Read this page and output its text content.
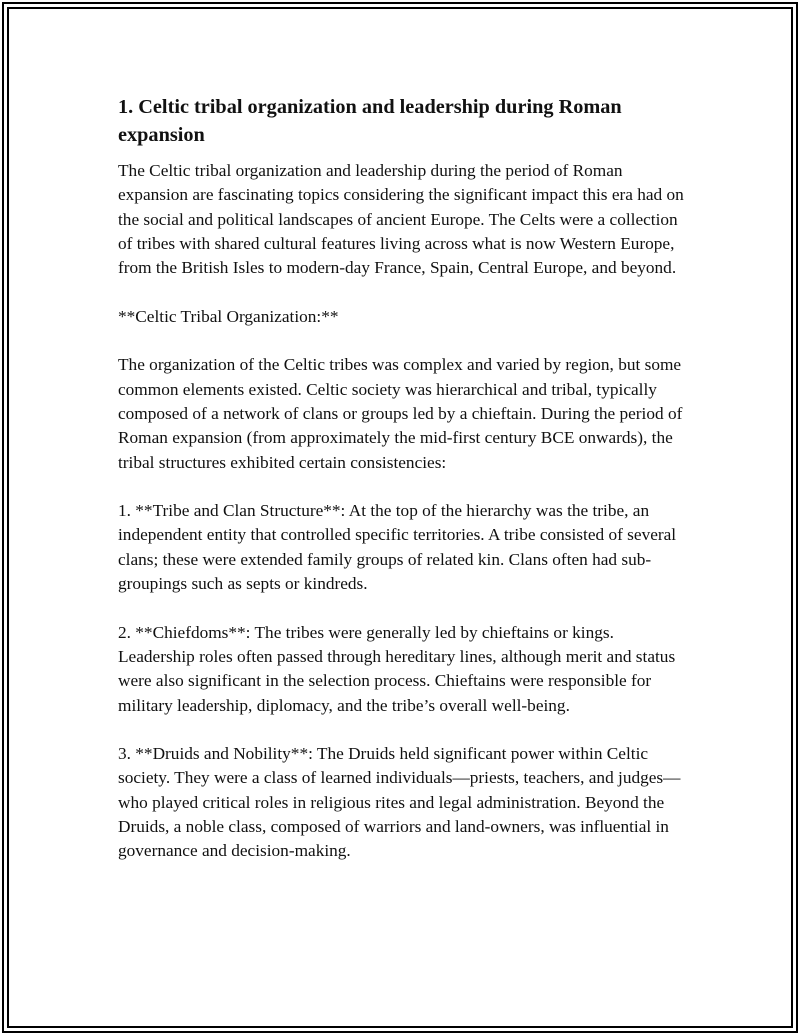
1. Celtic tribal organization and leadership during Roman expansion

The Celtic tribal organization and leadership during the period of Roman expansion are fascinating topics considering the significant impact this era had on the social and political landscapes of ancient Europe. The Celts were a collection of tribes with shared cultural features living across what is now Western Europe, from the British Isles to modern-day France, Spain, Central Europe, and beyond.

**Celtic Tribal Organization:**

The organization of the Celtic tribes was complex and varied by region, but some common elements existed. Celtic society was hierarchical and tribal, typically composed of a network of clans or groups led by a chieftain. During the period of Roman expansion (from approximately the mid-first century BCE onwards), the tribal structures exhibited certain consistencies:

1. **Tribe and Clan Structure**: At the top of the hierarchy was the tribe, an independent entity that controlled specific territories. A tribe consisted of several clans; these were extended family groups of related kin. Clans often had sub-groupings such as septs or kindreds.

2. **Chiefdoms**: The tribes were generally led by chieftains or kings. Leadership roles often passed through hereditary lines, although merit and status were also significant in the selection process. Chieftains were responsible for military leadership, diplomacy, and the tribe’s overall well-being.

3. **Druids and Nobility**: The Druids held significant power within Celtic society. They were a class of learned individuals—priests, teachers, and judges—who played critical roles in religious rites and legal administration. Beyond the Druids, a noble class, composed of warriors and land-owners, was influential in governance and decision-making.
